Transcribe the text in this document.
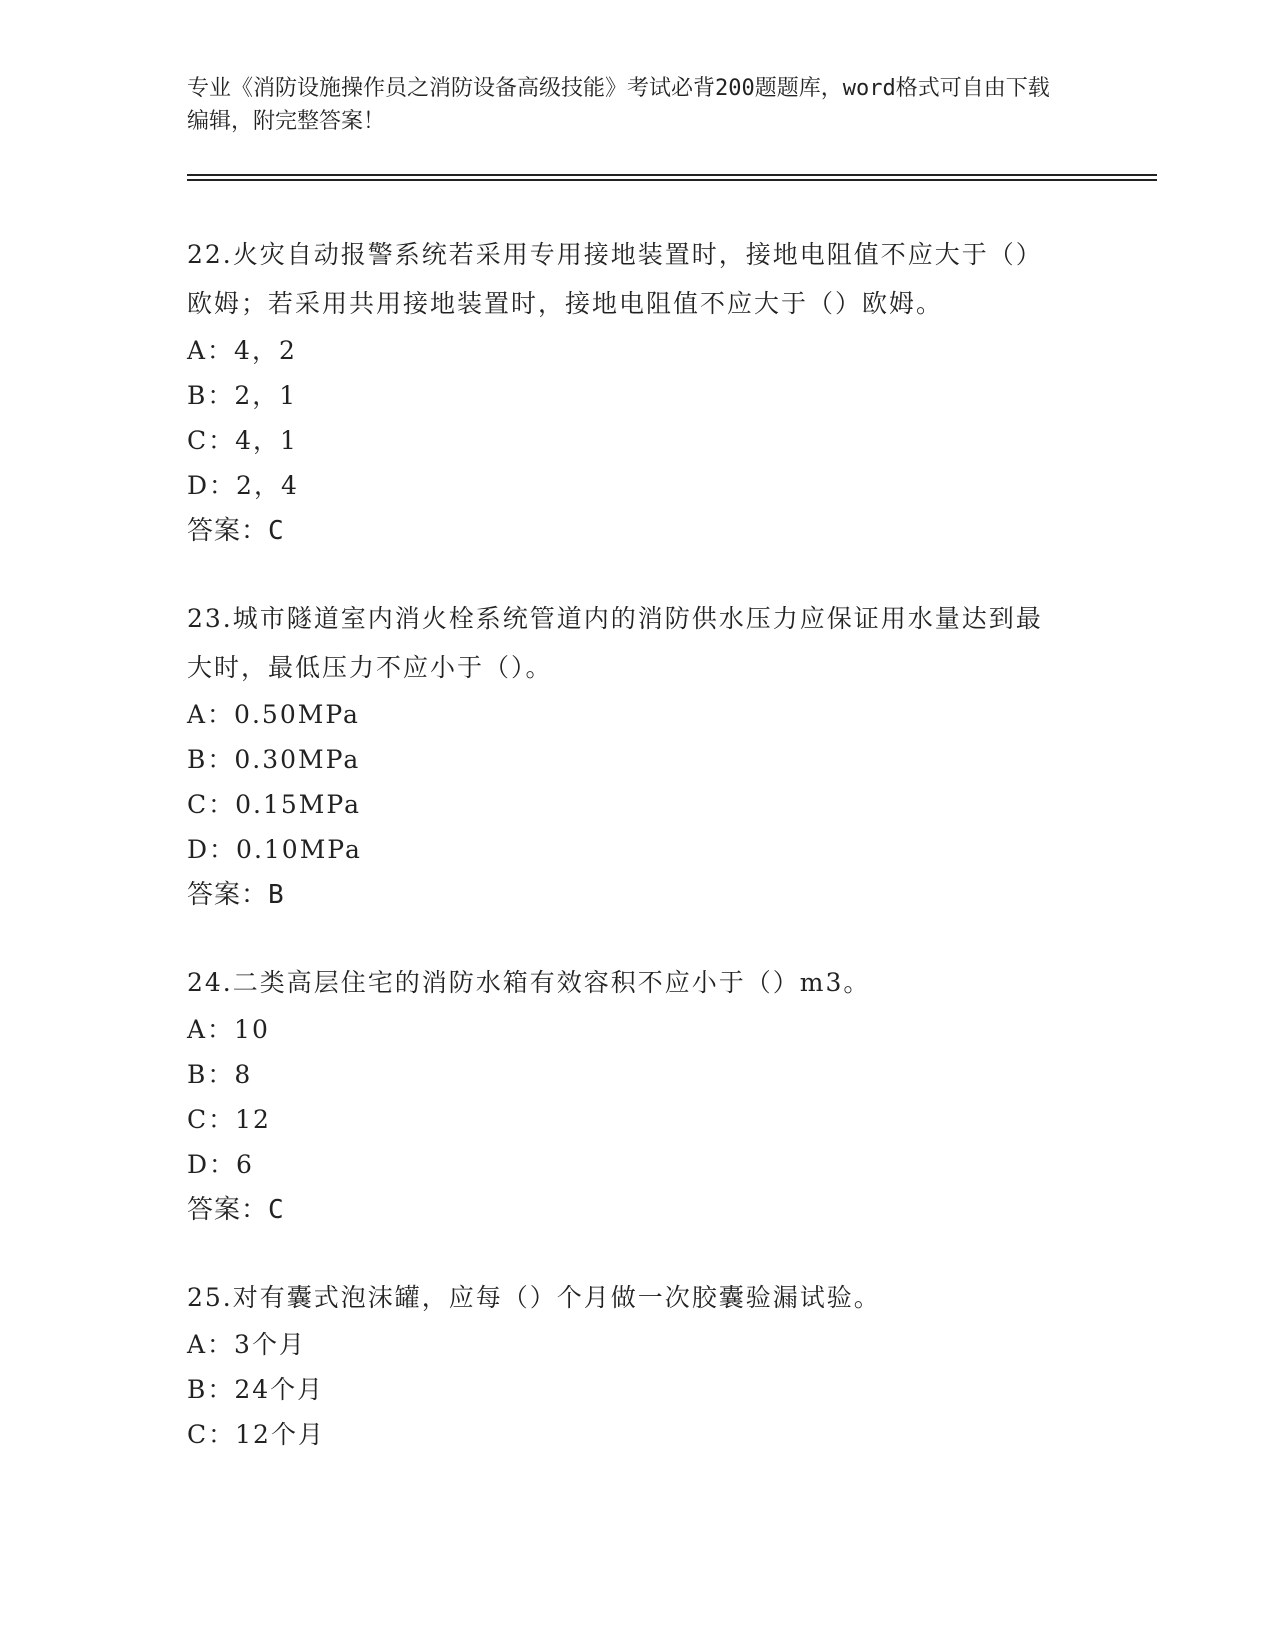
专业《消防设施操作员之消防设备高级技能》考试必背200题题库，word格式可自由下载编辑，附完整答案！
22.火灾自动报警系统若采用专用接地装置时，接地电阻值不应大于（）欧姆；若采用共用接地装置时，接地电阻值不应大于（）欧姆。
A：4，2
B：2，1
C：4，1
D：2，4
答案：C
23.城市隧道室内消火栓系统管道内的消防供水压力应保证用水量达到最大时，最低压力不应小于（）。
A：0.50MPa
B：0.30MPa
C：0.15MPa
D：0.10MPa
答案：B
24.二类高层住宅的消防水箱有效容积不应小于（）m3。
A：10
B：8
C：12
D：6
答案：C
25.对有囊式泡沫罐，应每（）个月做一次胶囊验漏试验。
A：3个月
B：24个月
C：12个月
